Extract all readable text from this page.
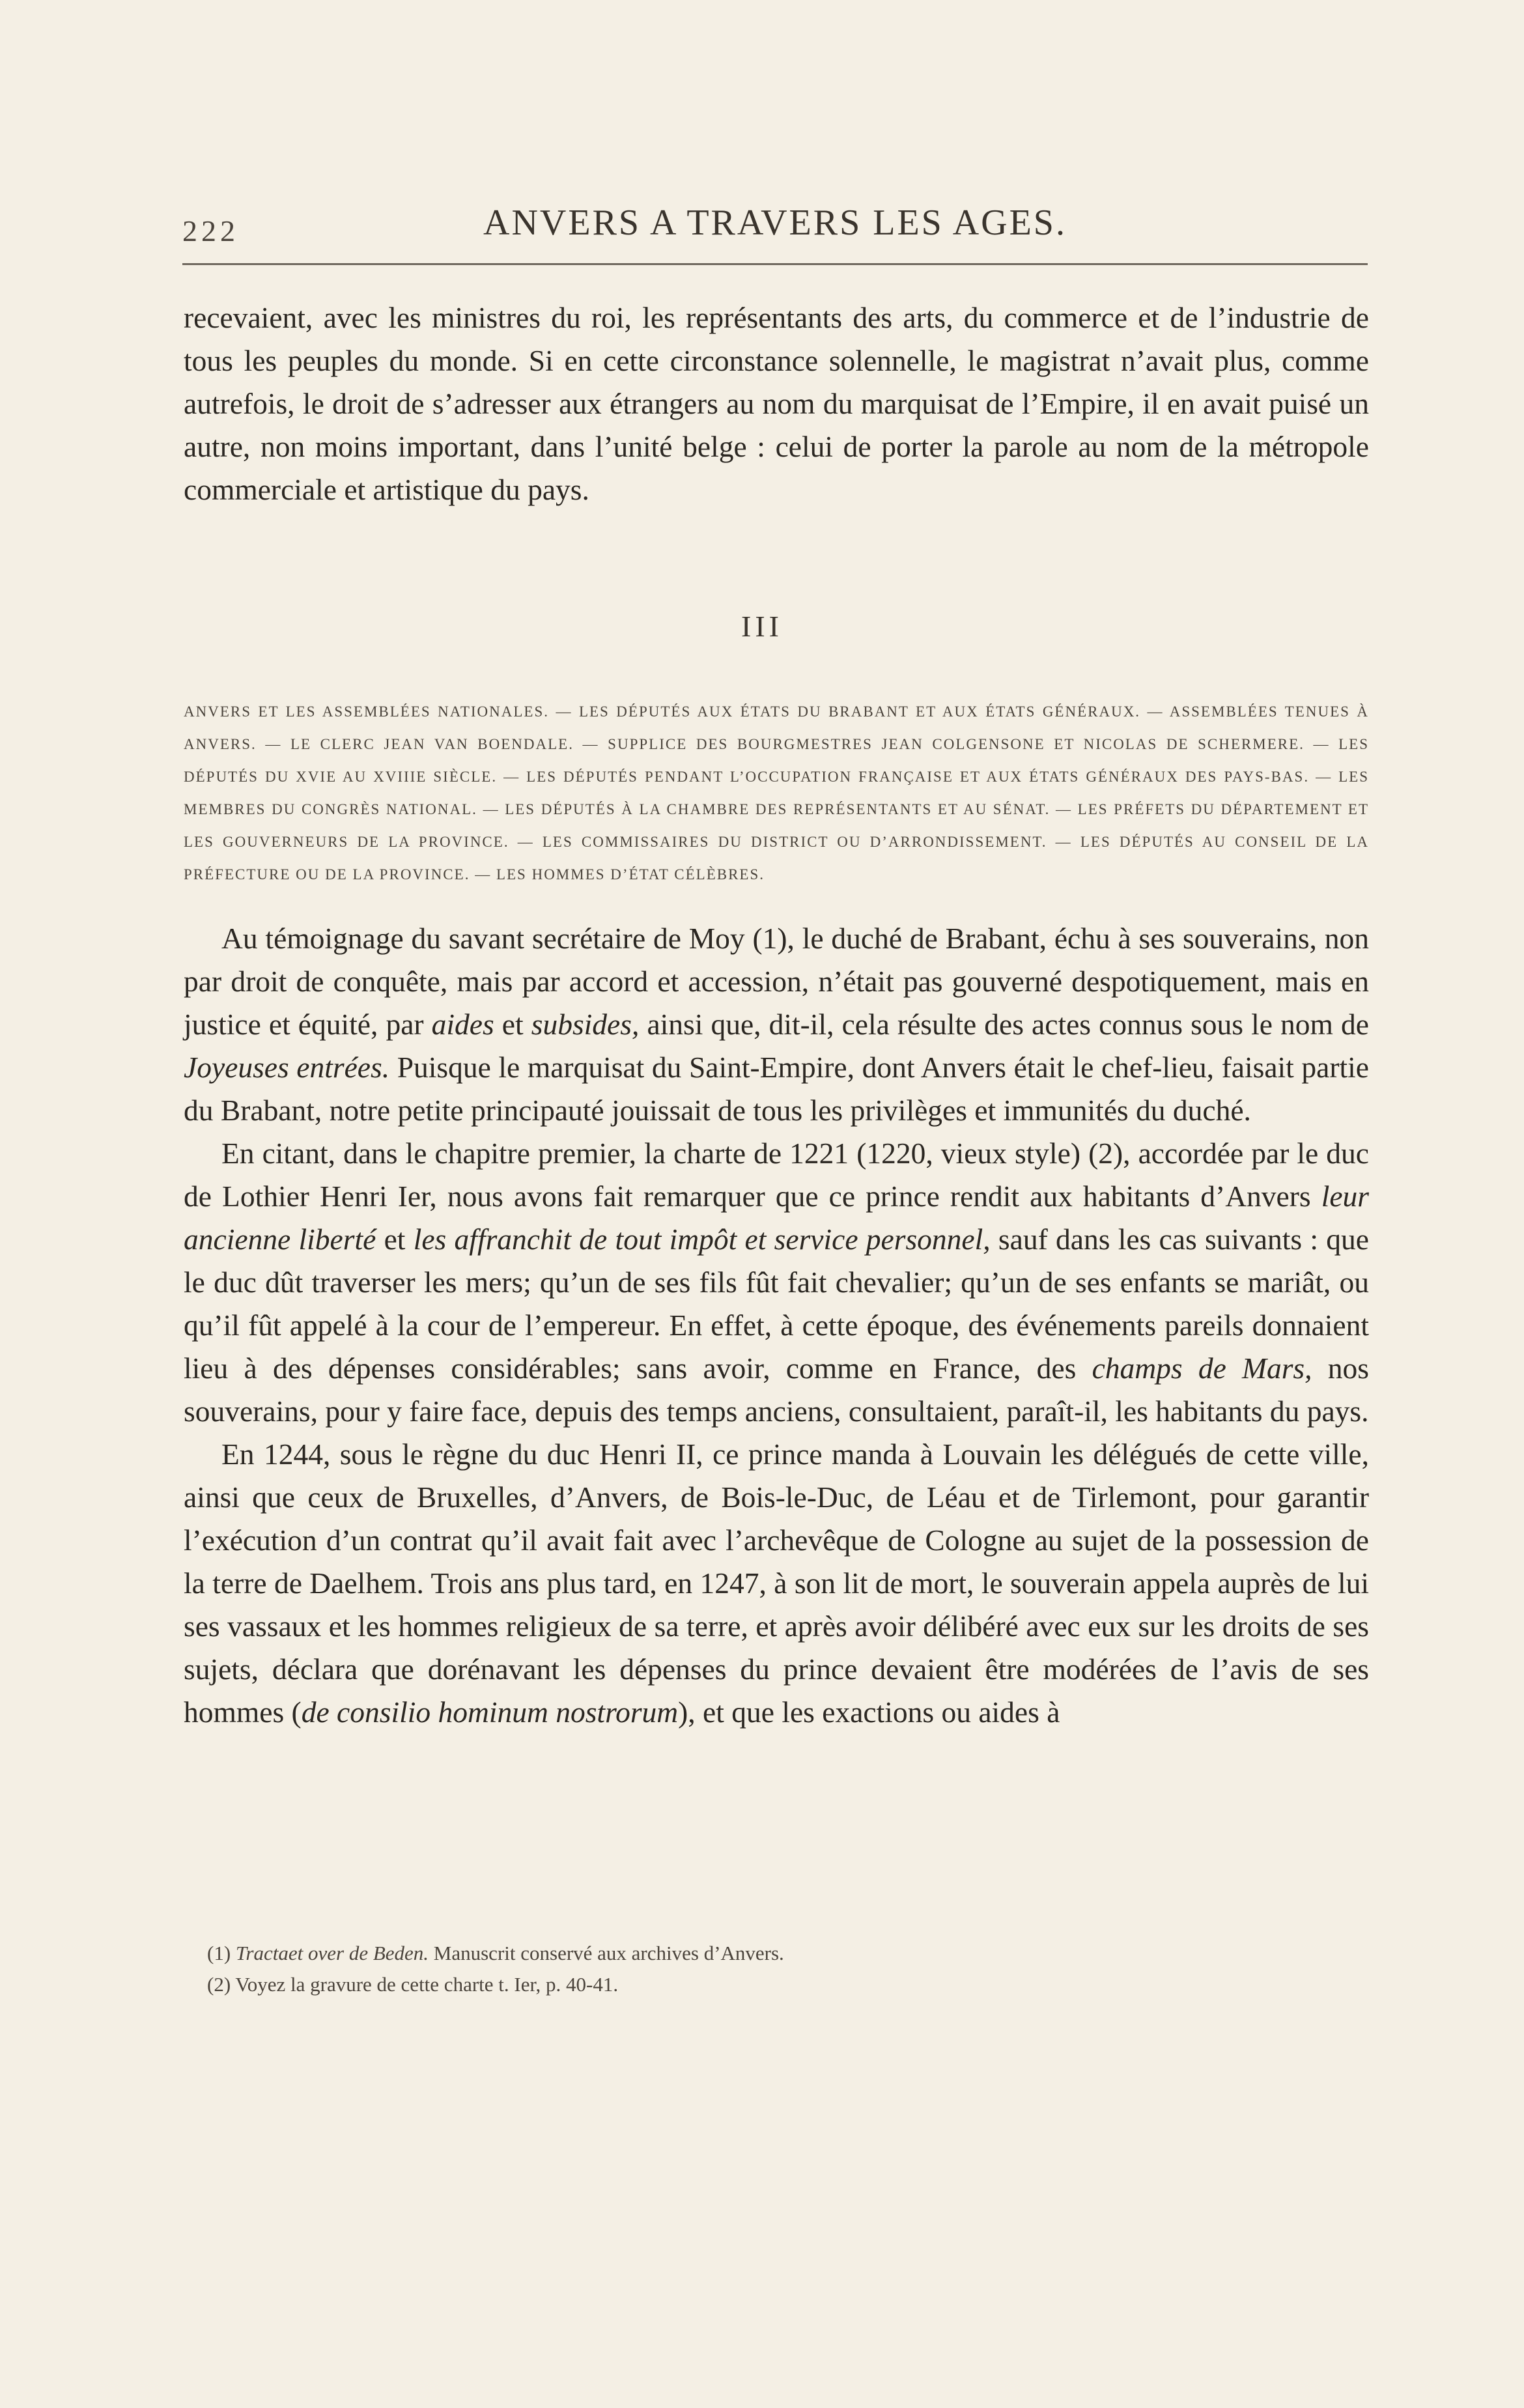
222	ANVERS A TRAVERS LES AGES.

recevaient, avec les ministres du roi, les représentants des arts, du commerce et de l’industrie de tous les peuples du monde. Si en cette circonstance solennelle, le magistrat n’avait plus, comme autrefois, le droit de s’adresser aux étrangers au nom du marquisat de l’Empire, il en avait puisé un autre, non moins important, dans l’unité belge : celui de porter la parole au nom de la métropole commerciale et artistique du pays.

III
ANVERS ET LES ASSEMBLÉES NATIONALES. — LES DÉPUTÉS AUX ÉTATS DU BRABANT ET AUX ÉTATS GÉNÉRAUX. — ASSEMBLÉES TENUES À ANVERS. — LE CLERC JEAN VAN BOENDALE. — SUPPLICE DES BOURGMESTRES JEAN COLGENSONE ET NICOLAS DE SCHERMERE. — LES DÉPUTÉS DU XVIE AU XVIIIE SIÈCLE. — LES DÉPUTÉS PENDANT L’OCCUPATION FRANÇAISE ET AUX ÉTATS GÉNÉRAUX DES PAYS-BAS. — LES MEMBRES DU CONGRÈS NATIONAL. — LES DÉPUTÉS À LA CHAMBRE DES REPRÉSENTANTS ET AU SÉNAT. — LES PRÉFETS DU DÉPARTEMENT ET LES GOUVERNEURS DE LA PROVINCE. — LES COMMISSAIRES DU DISTRICT OU D’ARRONDISSEMENT. — LES DÉPUTÉS AU CONSEIL DE LA PRÉFECTURE OU DE LA PROVINCE. — LES HOMMES D’ÉTAT CÉLÈBRES.

Au témoignage du savant secrétaire de Moy (1), le duché de Brabant, échu à ses souverains, non par droit de conquête, mais par accord et accession, n’était pas gouverné despotiquement, mais en justice et équité, par aides et subsides, ainsi que, dit-il, cela résulte des actes connus sous le nom de Joyeuses entrées. Puisque le marquisat du Saint-Empire, dont Anvers était le chef-lieu, faisait partie du Brabant, notre petite principauté jouissait de tous les privilèges et immunités du duché.

En citant, dans le chapitre premier, la charte de 1221 (1220, vieux style) (2), accordée par le duc de Lothier Henri Ier, nous avons fait remarquer que ce prince rendit aux habitants d’Anvers leur ancienne liberté et les affranchit de tout impôt et service personnel, sauf dans les cas suivants : que le duc dût traverser les mers; qu’un de ses fils fût fait chevalier; qu’un de ses enfants se mariât, ou qu’il fût appelé à la cour de l’empereur. En effet, à cette époque, des événements pareils donnaient lieu à des dépenses considérables; sans avoir, comme en France, des champs de Mars, nos souverains, pour y faire face, depuis des temps anciens, consultaient, paraît-il, les habitants du pays.

En 1244, sous le règne du duc Henri II, ce prince manda à Louvain les délégués de cette ville, ainsi que ceux de Bruxelles, d’Anvers, de Bois-le-Duc, de Léau et de Tirlemont, pour garantir l’exécution d’un contrat qu’il avait fait avec l’archevêque de Cologne au sujet de la possession de la terre de Daelhem. Trois ans plus tard, en 1247, à son lit de mort, le souverain appela auprès de lui ses vassaux et les hommes religieux de sa terre, et après avoir délibéré avec eux sur les droits de ses sujets, déclara que dorénavant les dépenses du prince devaient être modérées de l’avis de ses hommes (de consilio hominum nostrorum), et que les exactions ou aides à

(1) Tractaet over de Beden. Manuscrit conservé aux archives d’Anvers.

(2) Voyez la gravure de cette charte t. Ier, p. 40-41.
